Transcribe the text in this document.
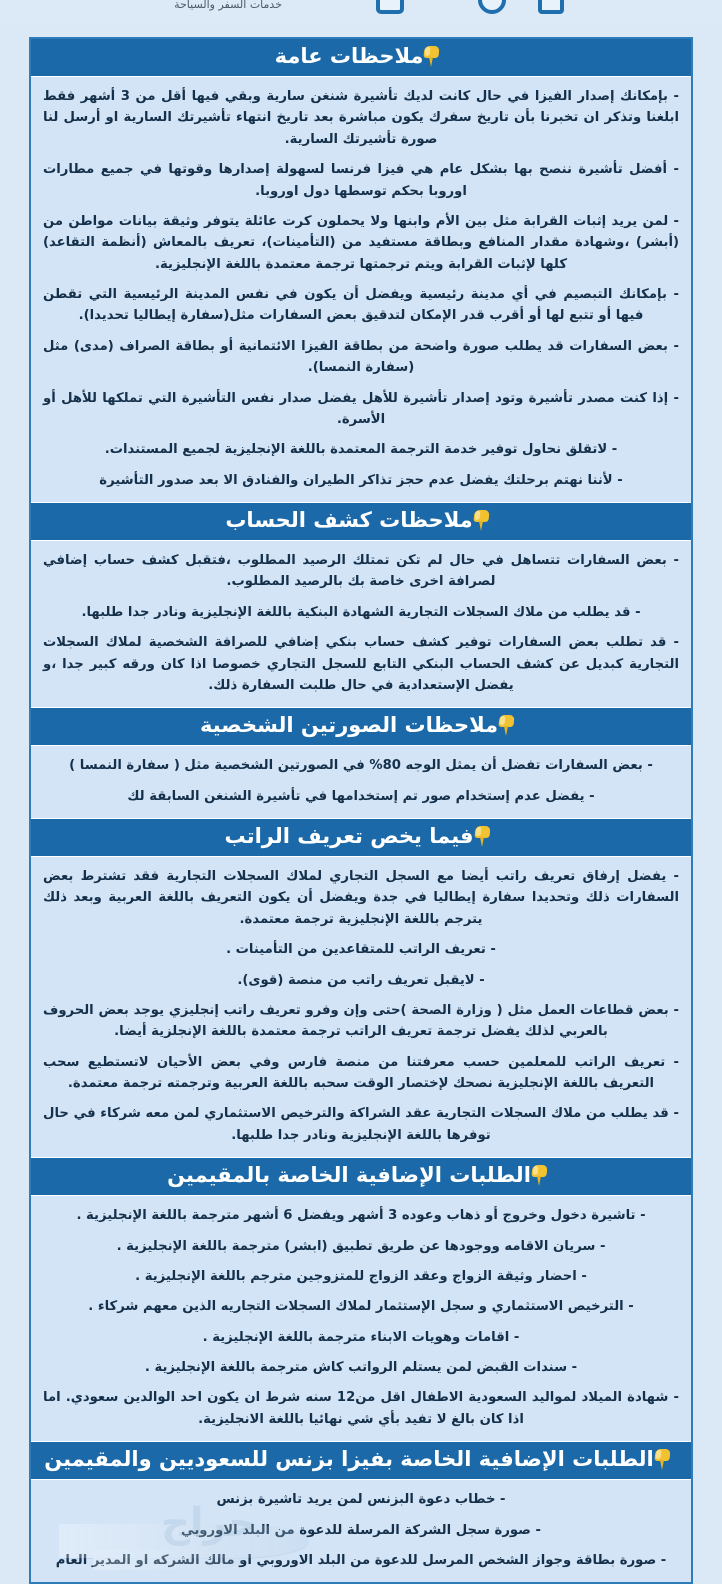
خدمات السفر والسياحة
ملاحظات عامة

- بإمكانك إصدار الفيزا في حال كانت لديك تأشيرة شنغن سارية وبقي فيها أقل من 3 أشهر فقط ابلغنا وتذكر ان تخبرنا بأن تاريخ سفرك يكون مباشرة بعد تاريخ انتهاء تأشيرتك السارية او أرسل لنا صورة تأشيرتك السارية.

- أفضل تأشيرة ننصح بها بشكل عام هي فيزا فرنسا لسهولة إصدارها وقوتها في جميع مطارات اوروبا بحكم توسطها دول اوروبا.

- لمن يريد إثبات القرابة مثل بين الأم وابنها ولا يحملون كرت عائلة يتوفر وثيقة بيانات مواطن من (أبشر) ،وشهادة مقدار المنافع وبطاقة مستفيد من (التأمينات)، تعريف بالمعاش (أنظمة التقاعد) كلها لإثبات القرابة ويتم ترجمتها ترجمة معتمدة باللغة الإنجليزية.

- بإمكانك التبصيم في أي مدينة رئيسية ويفضل أن يكون في نفس المدينة الرئيسية التي تقطن فيها أو تتبع لها أو أقرب قدر الإمكان لتدقيق بعض السفارات مثل(سفارة إيطاليا تحديدا).

- بعض السفارات قد يطلب صورة واضحة من بطاقة الفيزا الائتمانية أو بطاقة الصراف (مدى) مثل (سفارة النمسا).

- إذا كنت مصدر تأشيرة وتود إصدار تأشيرة للأهل يفضل صدار نفس التأشيرة التي تملكها للأهل أو الأسرة.

- لاتقلق نحاول توفير خدمة الترجمة المعتمدة باللغة الإنجليزية لجميع المستندات.

- لأننا نهتم برحلتك يفضل عدم حجز تذاكر الطيران والفنادق الا بعد صدور التأشيرة

ملاحظات كشف الحساب

- بعض السفارات تتساهل في حال لم تكن تمتلك الرصيد المطلوب ،فتقبل كشف حساب إضافي لصرافة اخرى خاصة بك بالرصيد المطلوب.

- قد يطلب من ملاك السجلات التجارية الشهادة البنكية باللغة الإنجليزية ونادر جدا طلبها.

- قد تطلب بعض السفارات توفير كشف حساب بنكي إضافي للصرافة الشخصية لملاك السجلات التجارية كبديل عن كشف الحساب البنكي التابع للسجل التجاري خصوصا اذا كان ورقه كبير جدا ،و يفضل الإستعدادية في حال طلبت السفارة ذلك.

ملاحظات الصورتين الشخصية

- بعض السفارات تفضل أن يمثل الوجه 80% في الصورتين الشخصية مثل ( سفارة النمسا )

- يفضل عدم إستخدام صور تم إستخدامها في تأشيرة الشنغن السابقة لك

فيما يخص تعريف الراتب

- يفضل إرفاق تعريف راتب أيضا مع السجل التجاري لملاك السجلات التجارية فقد تشترط بعض السفارات ذلك وتحديدا سفارة إيطاليا في جدة ويفضل أن يكون التعريف باللغة العربية وبعد ذلك يترجم باللغة الإنجليزية ترجمة معتمدة.

- تعريف الراتب للمتقاعدين من التأمينات .

- لايقبل تعريف راتب من منصة (قوى).

- بعض قطاعات العمل مثل ( وزارة الصحة )حتى وإن وفرو تعريف راتب إنجليزي يوجد بعض الحروف بالعربي لذلك يفضل ترجمة تعريف الراتب ترجمة معتمدة باللغة الإنجلزية أيضا.

- تعريف الراتب للمعلمين حسب معرفتنا من منصة فارس وفي بعض الأحيان لاتستطيع سحب التعريف باللغة الإنجليزية نصحك لإختصار الوقت سحبه باللغة العربية وترجمته ترجمة معتمدة.

- قد يطلب من ملاك السجلات التجارية عقد الشراكة والترخيص الاستثماري لمن معه شركاء في حال توفرها باللغة الإنجليزية ونادر جدا طلبها.

الطلبات الإضافية الخاصة بالمقيمين

- تاشيرة دخول وخروج أو ذهاب وعوده 3 أشهر ويفضل 6 أشهر مترجمة باللغة الإنجليزية .

- سريان الاقامه ووجودها عن طريق تطبيق (ابشر) مترجمة باللغة الإنجليزية .

- احضار وثيقة الزواج وعقد الزواج للمتزوجين مترجم باللغة الإنجليزية .

- الترخيص الاستثماري و سجل الإستثمار لملاك السجلات التجاريه الذين معهم شركاء .

- اقامات وهويات الابناء مترجمة باللغة الإنجليزية .

- سندات القبض لمن يستلم الرواتب كاش مترجمة باللغة الإنجليزية .

- شهادة الميلاد لمواليد السعودية الاطفال اقل من12 سنه شرط ان يكون احد الوالدين سعودي. اما اذا كان بالغ لا تفيد بأي شي نهائيا باللغة الانجليزية.

الطلبات الإضافية الخاصة بفيزا بزنس للسعوديين والمقيمين

- خطاب دعوة البزنس لمن يريد تاشيرة بزنس

- صورة سجل الشركة المرسلة للدعوة من البلد الاوروبي

- صورة بطاقة وجواز الشخص المرسل للدعوة من البلد الاوروبي او مالك الشركه او المدير العام

حراج
